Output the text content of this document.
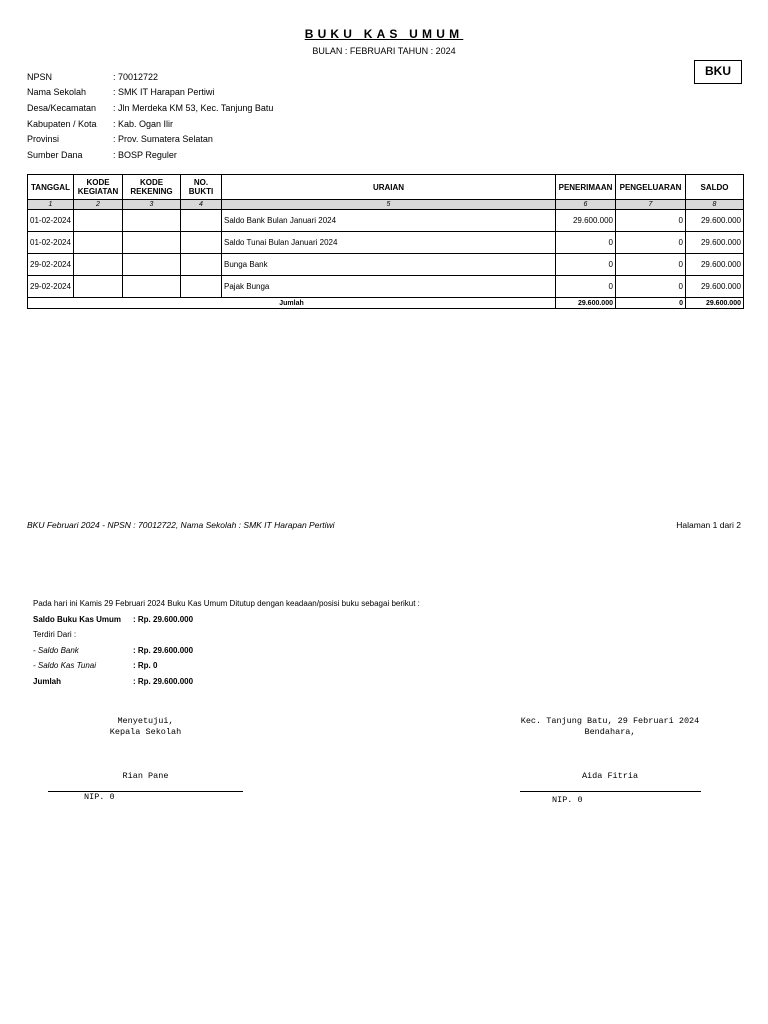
BUKU KAS UMUM
BULAN : FEBRUARI TAHUN : 2024
BKU
NPSN	: 70012722
Nama Sekolah	: SMK IT Harapan Pertiwi
Desa/Kecamatan	: Jln Merdeka KM 53, Kec. Tanjung Batu
Kabupaten / Kota	: Kab. Ogan Ilir
Provinsi	: Prov. Sumatera Selatan
Sumber Dana	: BOSP Reguler
TANGGAL	KODE KEGIATAN	KODE REKENING	NO. BUKTI	URAIAN	PENERIMAAN	PENGELUARAN	SALDO
1	2	3	4	5	6	7	8
01-02-2024				Saldo Bank Bulan Januari 2024	29.600.000	0	29.600.000
01-02-2024				Saldo Tunai Bulan Januari 2024	0	0	29.600.000
29-02-2024				Bunga Bank	0	0	29.600.000
29-02-2024				Pajak Bunga	0	0	29.600.000
Jumlah					29.600.000	0	29.600.000
BKU Februari 2024 - NPSN : 70012722, Nama Sekolah : SMK IT Harapan Pertiwi	Halaman 1 dari 2
Pada hari ini Kamis 29 Februari 2024 Buku Kas Umum Ditutup dengan keadaan/posisi buku sebagai berikut :
Saldo Buku Kas Umum	: Rp. 29.600.000
Terdiri Dari :
- Saldo Bank	: Rp. 29.600.000
- Saldo Kas Tunai	: Rp. 0
Jumlah	: Rp. 29.600.000
Menyetujui,
Kepala Sekolah
Rian Pane
NIP. 0
Kec. Tanjung Batu, 29 Februari 2024
Bendahara,
Aida Fitria
NIP. 0
